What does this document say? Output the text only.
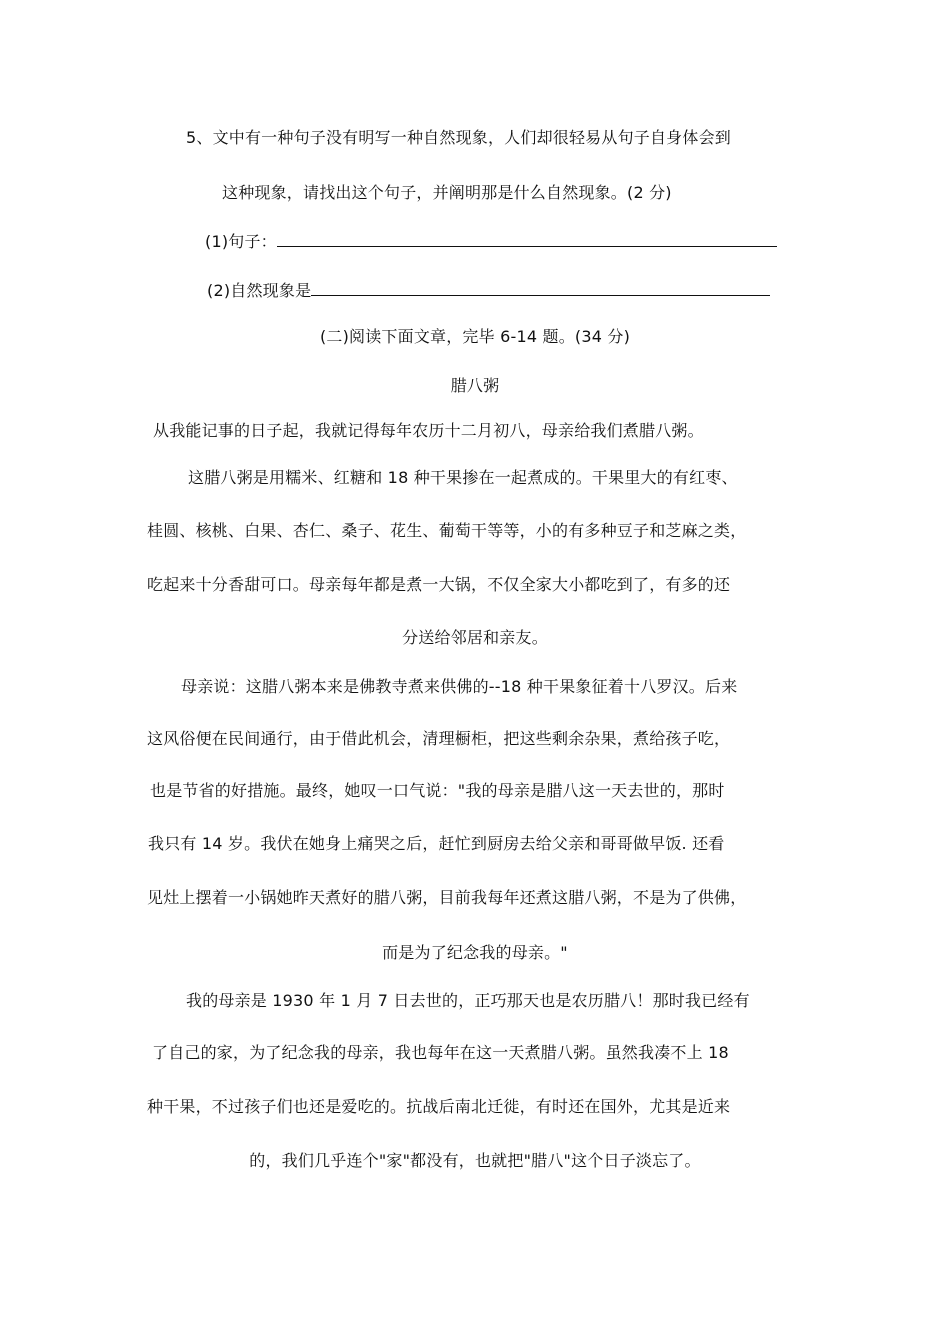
5、文中有一种句子没有明写一种自然现象，人们却很轻易从句子自身体会到
这种现象，请找出这个句子，并阐明那是什么自然现象。(2 分)
(1)句子：
(2)自然现象是
(二)阅读下面文章，完毕 6-14 题。(34 分)
腊八粥
从我能记事的日子起，我就记得每年农历十二月初八，母亲给我们煮腊八粥。
这腊八粥是用糯米、红糖和 18 种干果掺在一起煮成的。干果里大的有红枣、
桂圆、核桃、白果、杏仁、桑子、花生、葡萄干等等，小的有多种豆子和芝麻之类，
吃起来十分香甜可口。母亲每年都是煮一大锅，不仅全家大小都吃到了，有多的还
分送给邻居和亲友。
母亲说：这腊八粥本来是佛教寺煮来供佛的--18 种干果象征着十八罗汉。后来
这风俗便在民间通行，由于借此机会，清理橱柜，把这些剩余杂果，煮给孩子吃，
也是节省的好措施。最终，她叹一口气说："我的母亲是腊八这一天去世的，那时
我只有 14 岁。我伏在她身上痛哭之后，赶忙到厨房去给父亲和哥哥做早饭. 还看
见灶上摆着一小锅她昨天煮好的腊八粥，目前我每年还煮这腊八粥，不是为了供佛，
而是为了纪念我的母亲。"
我的母亲是 1930 年 1 月 7 日去世的，正巧那天也是农历腊八！那时我已经有
了自己的家，为了纪念我的母亲，我也每年在这一天煮腊八粥。虽然我凑不上 18
种干果，不过孩子们也还是爱吃的。抗战后南北迁徙，有时还在国外，尤其是近来
的，我们几乎连个"家"都没有，也就把"腊八"这个日子淡忘了。
